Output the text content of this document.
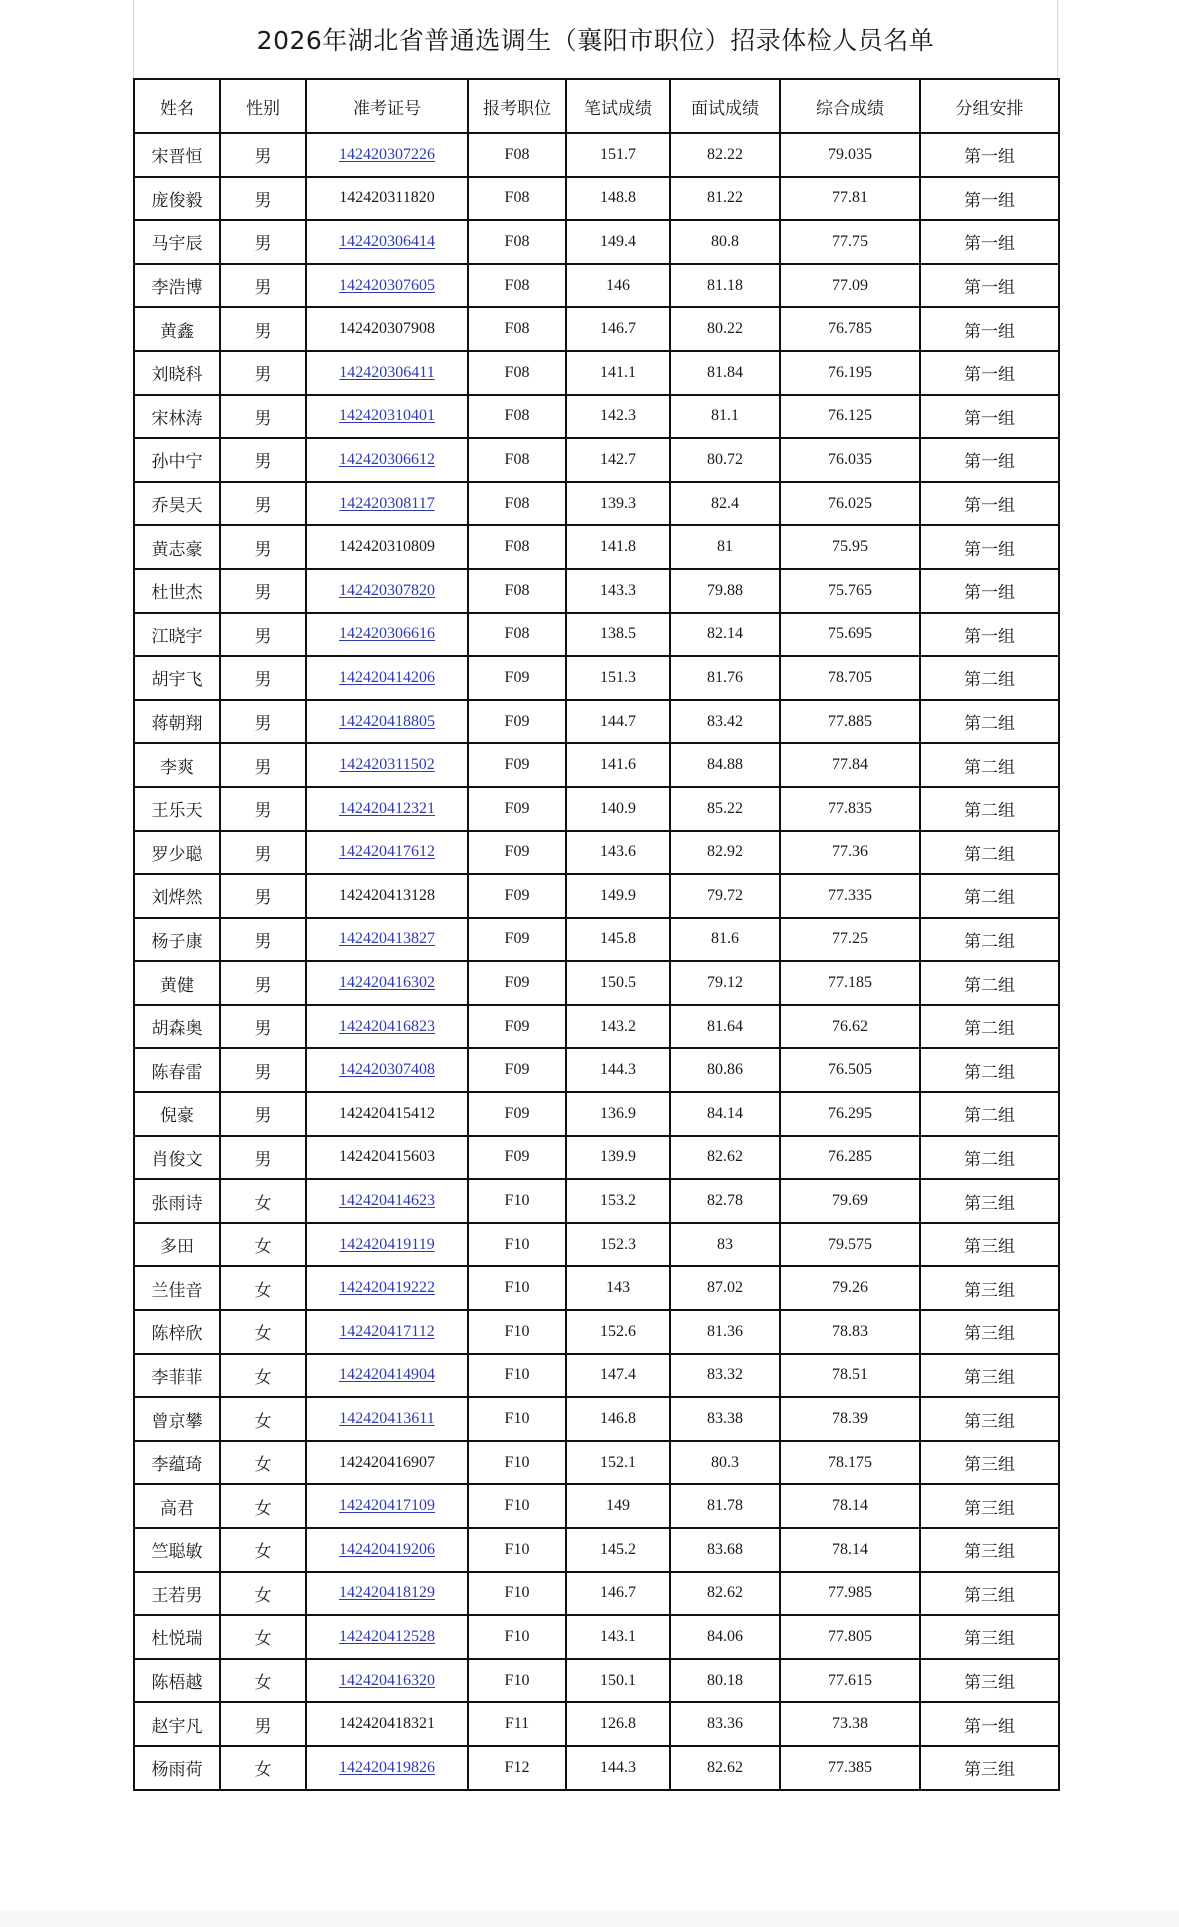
2026年湖北省普通选调生（襄阳市职位）招录体检人员名单
姓名	性别	准考证号	报考职位	笔试成绩	面试成绩	综合成绩	分组安排
宋晋恒	男	142420307226	F08	151.7	82.22	79.035	第一组
庞俊毅	男	142420311820	F08	148.8	81.22	77.81	第一组
马宇辰	男	142420306414	F08	149.4	80.8	77.75	第一组
李浩博	男	142420307605	F08	146	81.18	77.09	第一组
黄鑫	男	142420307908	F08	146.7	80.22	76.785	第一组
刘晓科	男	142420306411	F08	141.1	81.84	76.195	第一组
宋林涛	男	142420310401	F08	142.3	81.1	76.125	第一组
孙中宁	男	142420306612	F08	142.7	80.72	76.035	第一组
乔昊天	男	142420308117	F08	139.3	82.4	76.025	第一组
黄志豪	男	142420310809	F08	141.8	81	75.95	第一组
杜世杰	男	142420307820	F08	143.3	79.88	75.765	第一组
江晓宇	男	142420306616	F08	138.5	82.14	75.695	第一组
胡宇飞	男	142420414206	F09	151.3	81.76	78.705	第二组
蒋朝翔	男	142420418805	F09	144.7	83.42	77.885	第二组
李爽	男	142420311502	F09	141.6	84.88	77.84	第二组
王乐天	男	142420412321	F09	140.9	85.22	77.835	第二组
罗少聪	男	142420417612	F09	143.6	82.92	77.36	第二组
刘烨然	男	142420413128	F09	149.9	79.72	77.335	第二组
杨子康	男	142420413827	F09	145.8	81.6	77.25	第二组
黄健	男	142420416302	F09	150.5	79.12	77.185	第二组
胡森奥	男	142420416823	F09	143.2	81.64	76.62	第二组
陈春雷	男	142420307408	F09	144.3	80.86	76.505	第二组
倪豪	男	142420415412	F09	136.9	84.14	76.295	第二组
肖俊文	男	142420415603	F09	139.9	82.62	76.285	第二组
张雨诗	女	142420414623	F10	153.2	82.78	79.69	第三组
多田	女	142420419119	F10	152.3	83	79.575	第三组
兰佳音	女	142420419222	F10	143	87.02	79.26	第三组
陈梓欣	女	142420417112	F10	152.6	81.36	78.83	第三组
李菲菲	女	142420414904	F10	147.4	83.32	78.51	第三组
曾京攀	女	142420413611	F10	146.8	83.38	78.39	第三组
李蕴琦	女	142420416907	F10	152.1	80.3	78.175	第三组
高君	女	142420417109	F10	149	81.78	78.14	第三组
竺聪敏	女	142420419206	F10	145.2	83.68	78.14	第三组
王若男	女	142420418129	F10	146.7	82.62	77.985	第三组
杜悦瑞	女	142420412528	F10	143.1	84.06	77.805	第三组
陈梧越	女	142420416320	F10	150.1	80.18	77.615	第三组
赵宇凡	男	142420418321	F11	126.8	83.36	73.38	第一组
杨雨荷	女	142420419826	F12	144.3	82.62	77.385	第三组
